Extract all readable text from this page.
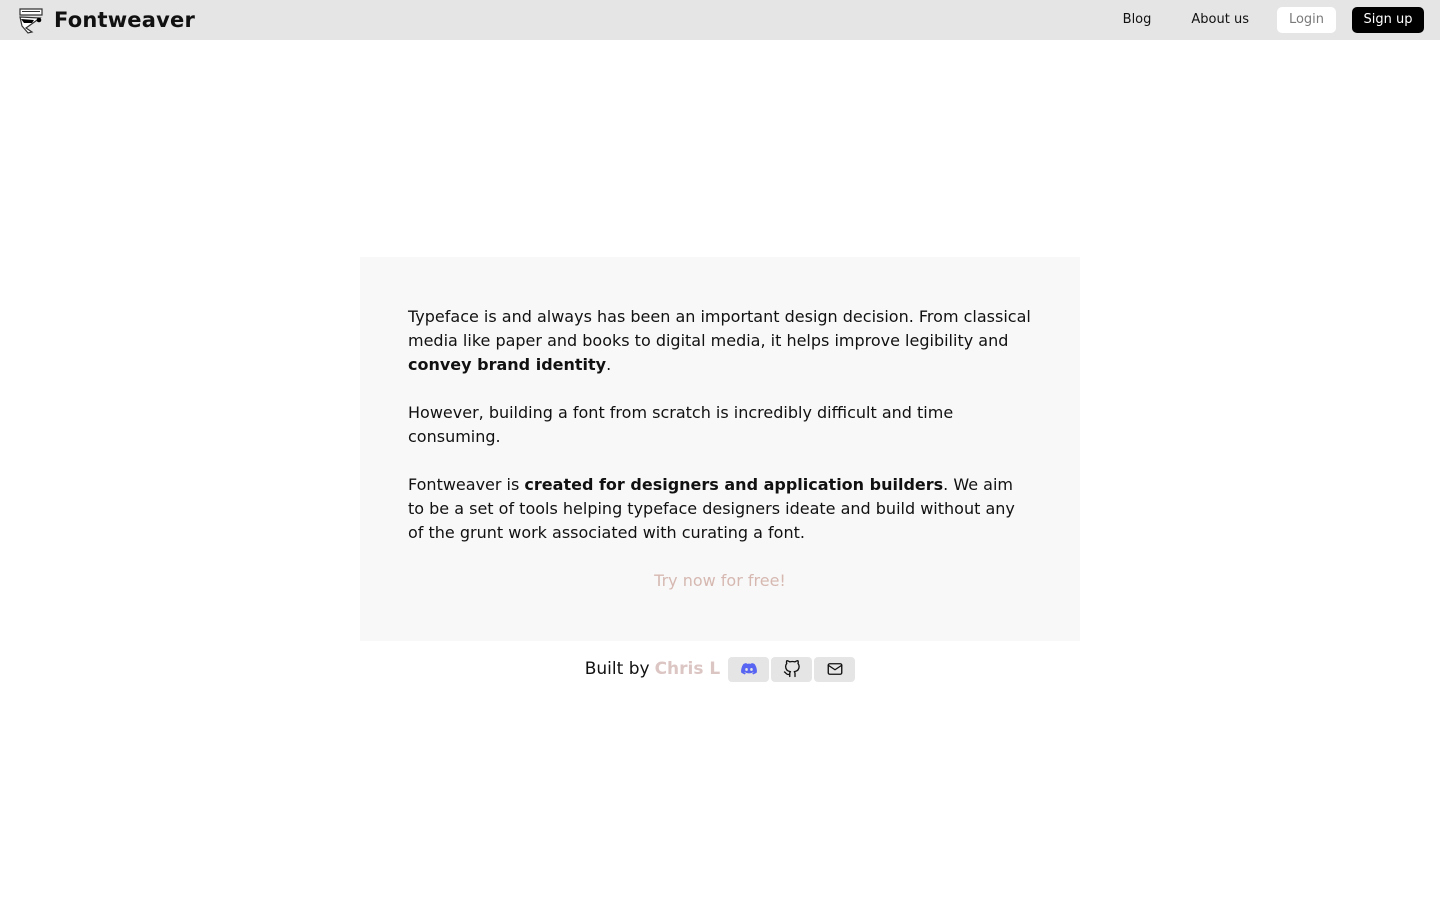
Fontweaver	Blog	About us	Login	Sign up

Typeface is and always has been an important design decision. From classical media like paper and books to digital media, it helps improve legibility and convey brand identity.

However, building a font from scratch is incredibly difficult and time consuming.

Fontweaver is created for designers and application builders. We aim to be a set of tools helping typeface designers ideate and build without any of the grunt work associated with curating a font.

Try now for free!
Built by Chris L
